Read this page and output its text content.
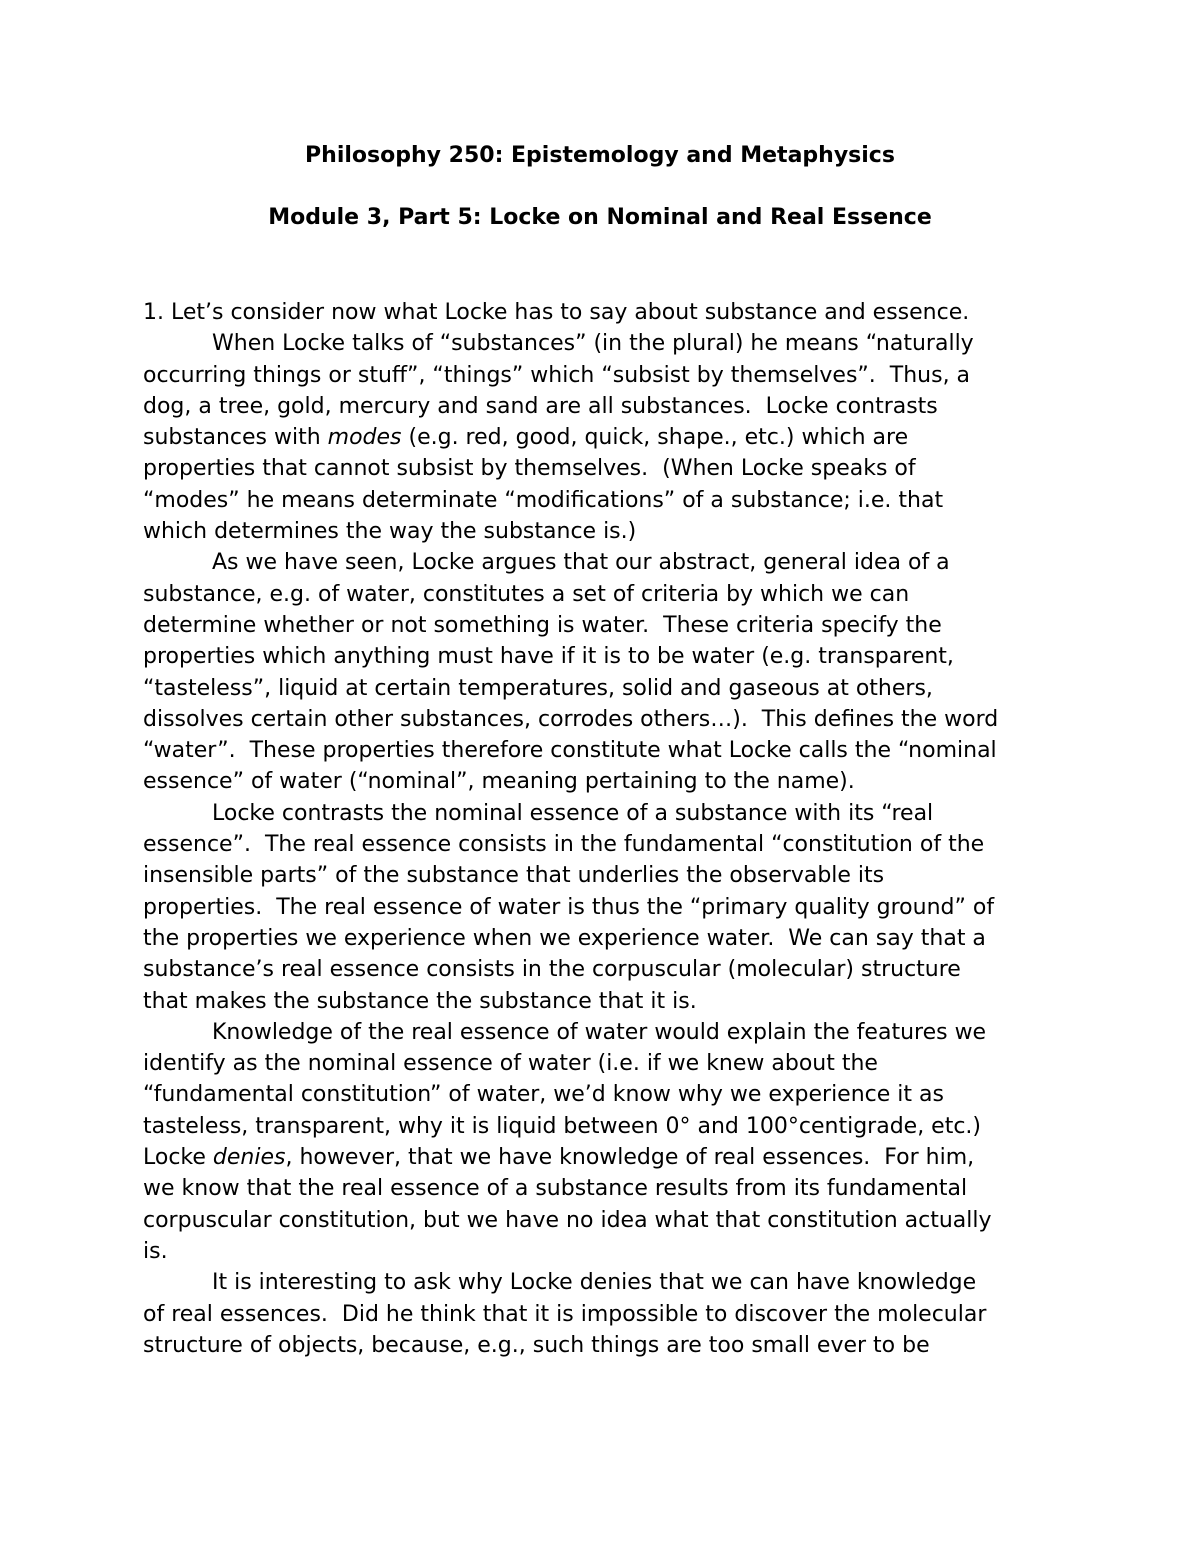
Philosophy 250: Epistemology and Metaphysics
Module 3, Part 5: Locke on Nominal and Real Essence

1. Let’s consider now what Locke has to say about substance and essence.

When Locke talks of “substances” (in the plural) he means “naturally

occurring things or stuff”, “things” which “subsist by themselves”.  Thus, a

dog, a tree, gold, mercury and sand are all substances.  Locke contrasts

substances with modes (e.g. red, good, quick, shape., etc.) which are

properties that cannot subsist by themselves.  (When Locke speaks of

“modes” he means determinate “modifications” of a substance; i.e. that

which determines the way the substance is.)

As we have seen, Locke argues that our abstract, general idea of a

substance, e.g. of water, constitutes a set of criteria by which we can

determine whether or not something is water.  These criteria specify the

properties which anything must have if it is to be water (e.g. transparent,

“tasteless”, liquid at certain temperatures, solid and gaseous at others,

dissolves certain other substances, corrodes others…).  This defines the word

“water”.  These properties therefore constitute what Locke calls the “nominal

essence” of water (“nominal”, meaning pertaining to the name).

Locke contrasts the nominal essence of a substance with its “real

essence”.  The real essence consists in the fundamental “constitution of the

insensible parts” of the substance that underlies the observable its

properties.  The real essence of water is thus the “primary quality ground” of

the properties we experience when we experience water.  We can say that a

substance’s real essence consists in the corpuscular (molecular) structure

that makes the substance the substance that it is.

Knowledge of the real essence of water would explain the features we

identify as the nominal essence of water (i.e. if we knew about the

“fundamental constitution” of water, we’d know why we experience it as

tasteless, transparent, why it is liquid between 0° and 100°centigrade, etc.)

Locke denies, however, that we have knowledge of real essences.  For him,

we know that the real essence of a substance results from its fundamental

corpuscular constitution, but we have no idea what that constitution actually

is.

It is interesting to ask why Locke denies that we can have knowledge

of real essences.  Did he think that it is impossible to discover the molecular

structure of objects, because, e.g., such things are too small ever to be
